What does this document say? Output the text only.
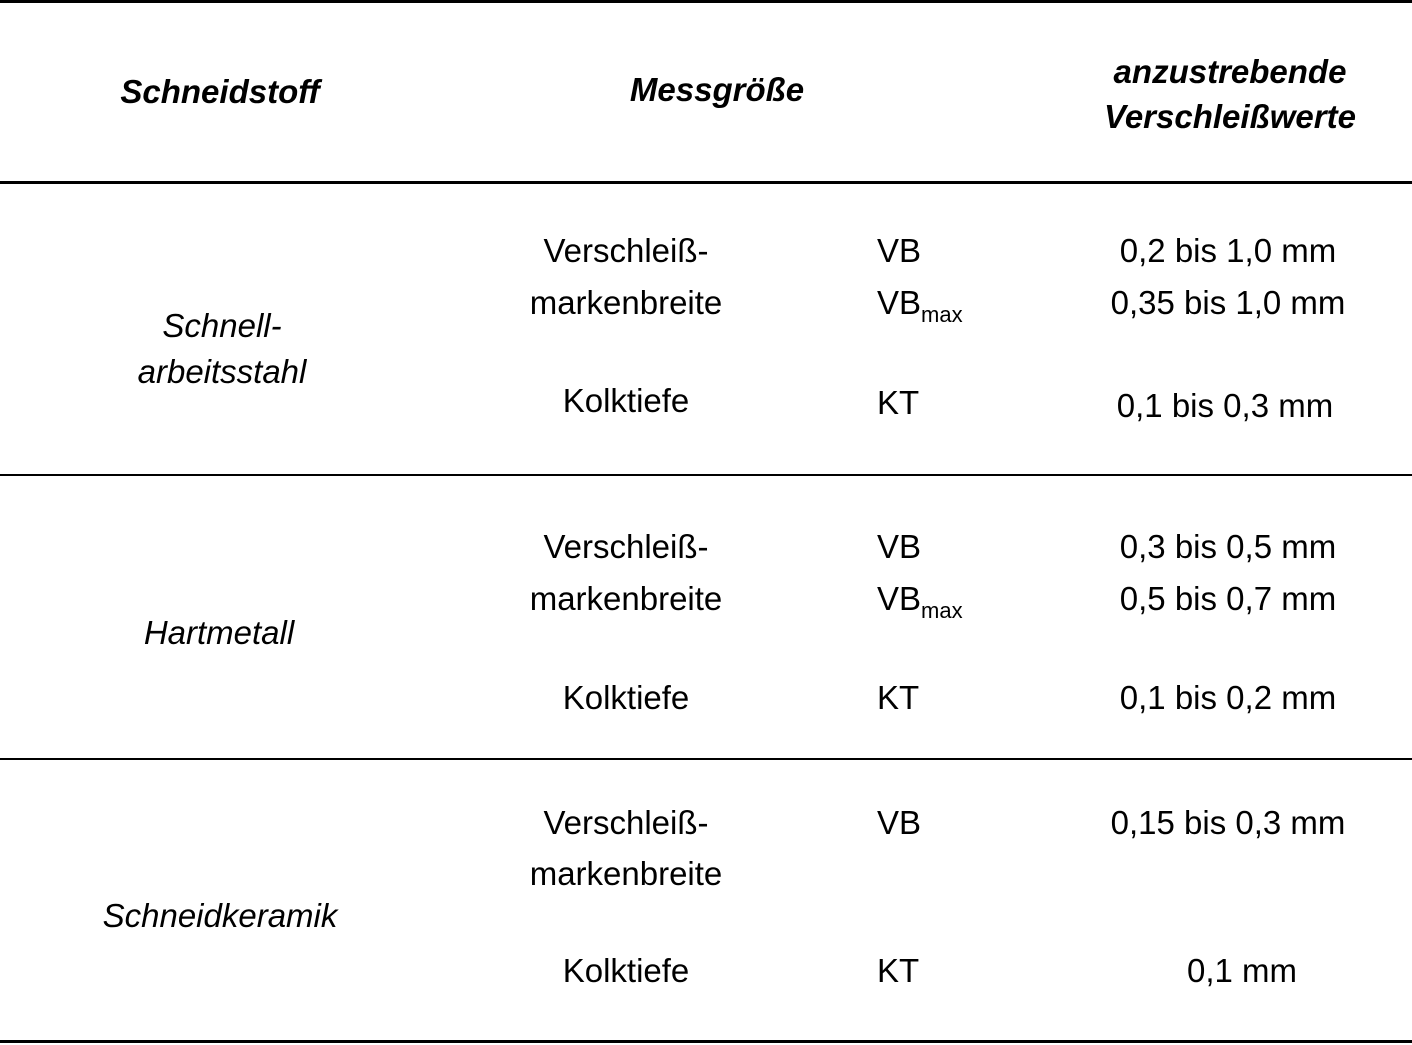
Schneidstoff	Messgröße	anzustrebende
Verschleißwerte
Schnell-
arbeitsstahl
Verschleiß-
markenbreite
Kolktiefe
VB
$VB_{max}$
KT
0,2 bis 1,0 mm
0,35 bis 1,0 mm
0,1 bis 0,3 mm
Hartmetall
Verschleiß-
markenbreite
Kolktiefe
VB
$VB_{max}$
KT
0,3 bis 0,5 mm
0,5 bis 0,7 mm
0,1 bis 0,2 mm
Schneidkeramik
Verschleiß-
markenbreite
Kolktiefe
VB
KT
0,15 bis 0,3 mm
0,1 mm
